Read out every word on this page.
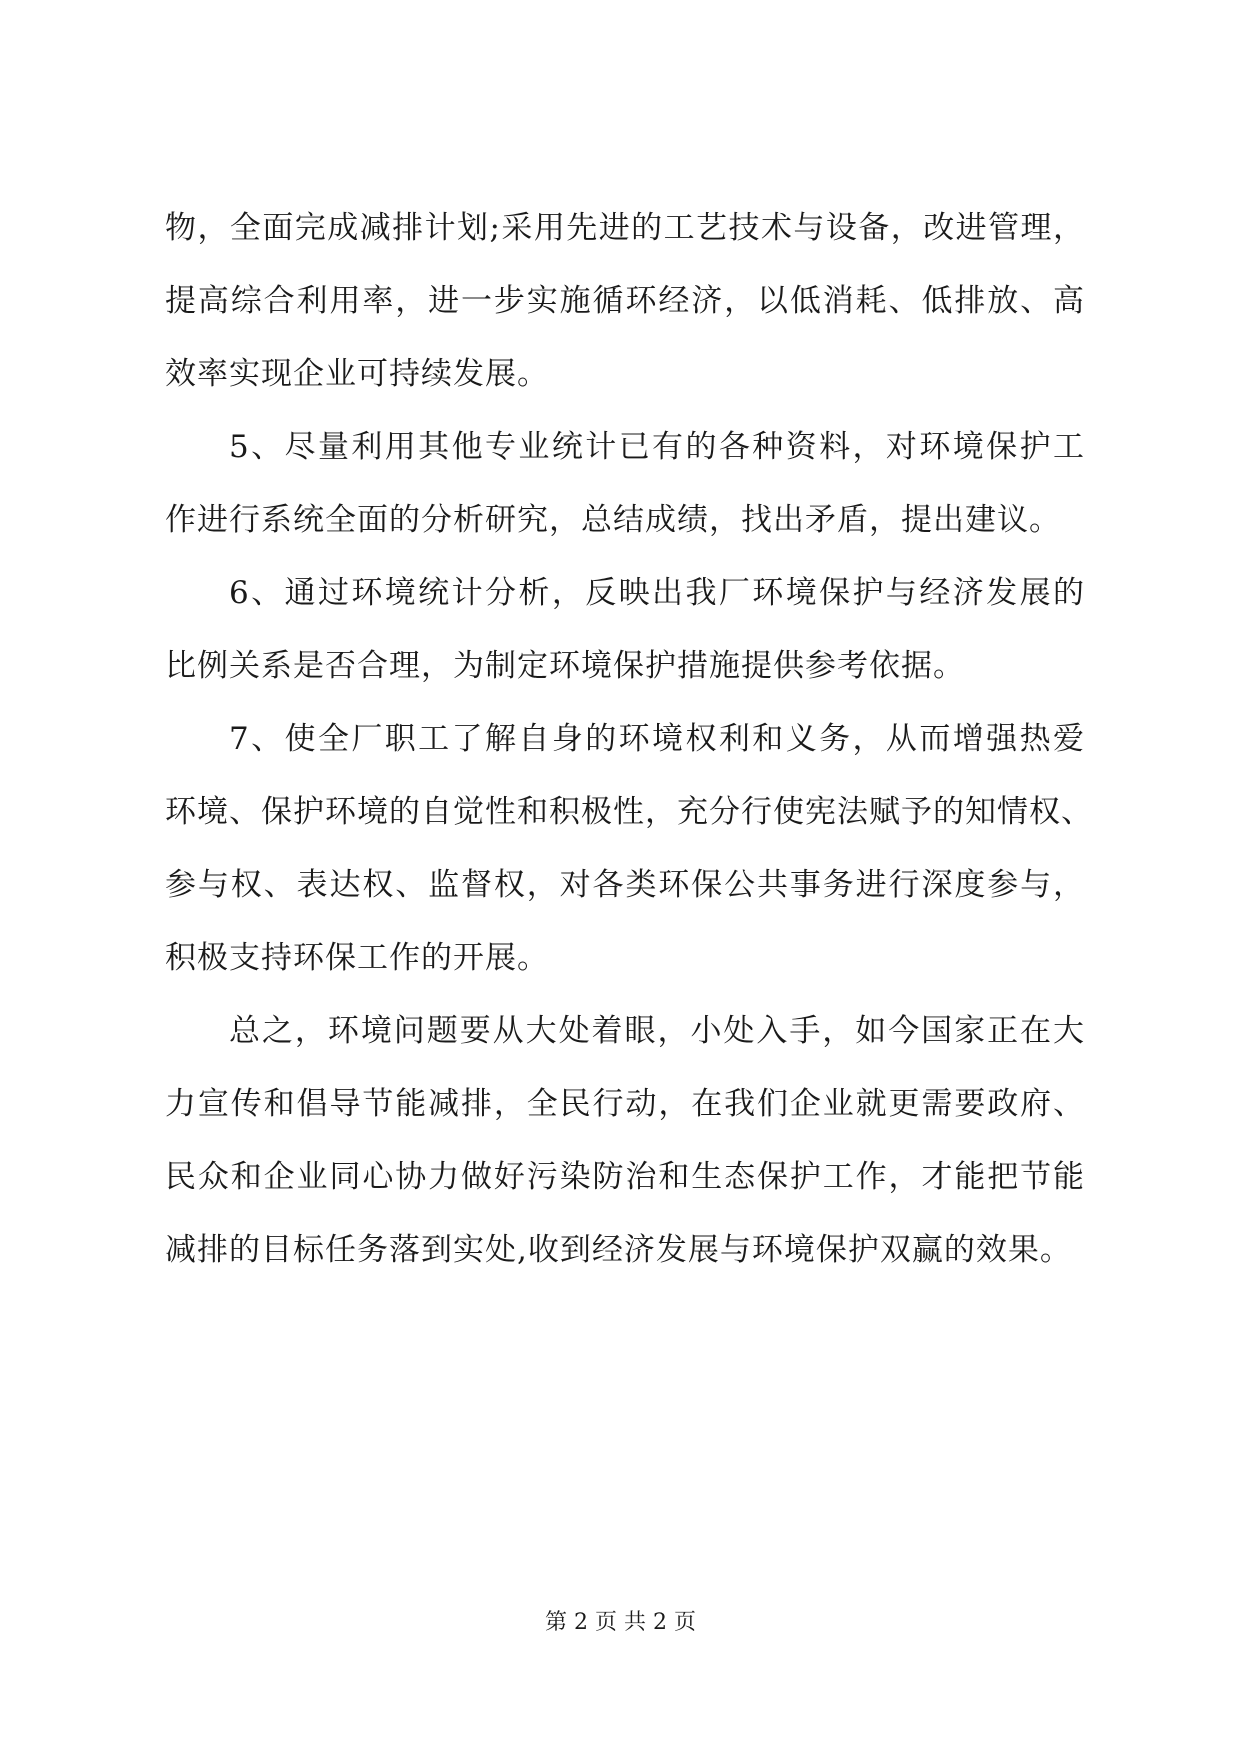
物，全面完成减排计划;采用先进的工艺技术与设备，改进管理，
提高综合利用率，进一步实施循环经济，以低消耗、低排放、高
效率实现企业可持续发展。
5、尽量利用其他专业统计已有的各种资料，对环境保护工
作进行系统全面的分析研究，总结成绩，找出矛盾，提出建议。
6、通过环境统计分析，反映出我厂环境保护与经济发展的
比例关系是否合理，为制定环境保护措施提供参考依据。
7、使全厂职工了解自身的环境权利和义务，从而增强热爱
环境、保护环境的自觉性和积极性，充分行使宪法赋予的知情权、
参与权、表达权、监督权，对各类环保公共事务进行深度参与，
积极支持环保工作的开展。
总之，环境问题要从大处着眼，小处入手，如今国家正在大
力宣传和倡导节能减排，全民行动，在我们企业就更需要政府、
民众和企业同心协力做好污染防治和生态保护工作，才能把节能
减排的目标任务落到实处,收到经济发展与环境保护双赢的效果。
第 2 页 共 2 页
